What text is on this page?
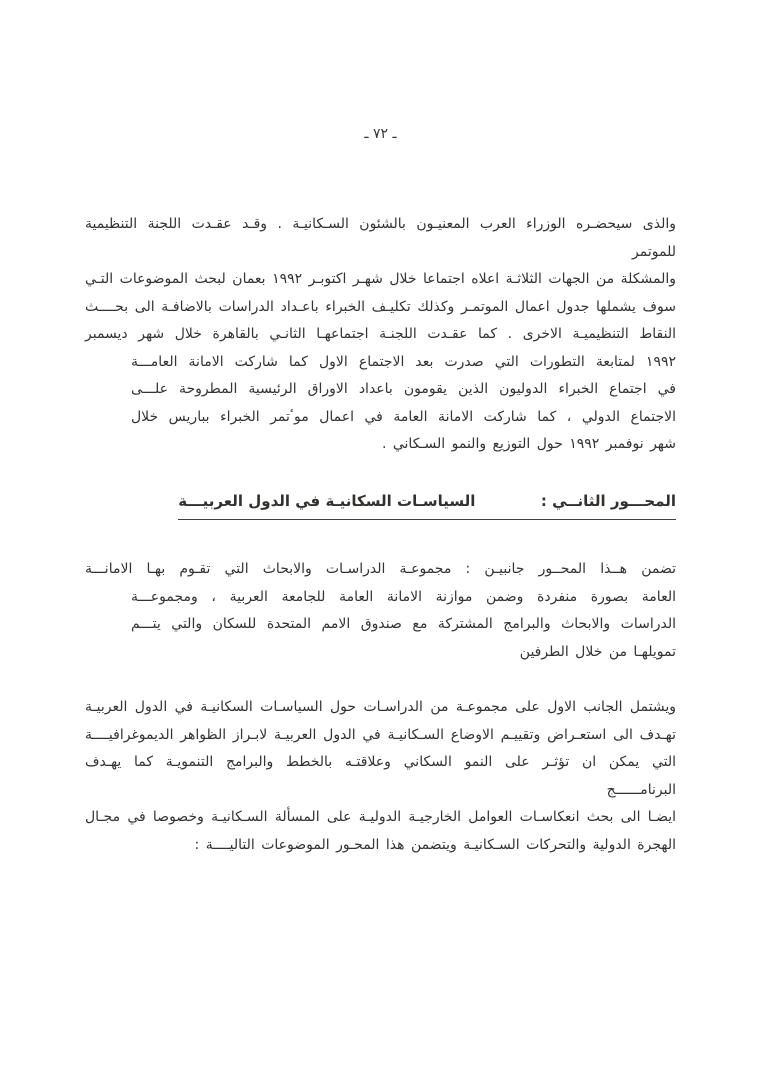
ـ ٧٢ ـ
والذى سيحضـره الوزراء العرب المعنيـون بالشئون السـكانيـة . وقـد عقـدت اللجنة التنظيمية للموتمر
والمشكلة من الجهات الثلاثـة اعلاه اجتماعا خلال شهـر اكتوبـر ١٩٩٢ بعمان لبحث الموضوعات التـي
سوف يشملها جدول اعمال الموتمـر وكذلك تكليـف الخبراء باعـداد الدراسات بالاضافـة الى بحــــث
النقاط التنظيميـة الاخرى . كما عقـدت اللجنـة اجتماعهـا الثانـي بالقاهرة خلال شهر ديسمبر
١٩٩٢ لمتابعة التطورات التي صدرت بعد الاجتماع الاول كما شاركت الامانة العامـــة
في اجتماع الخبراء الدوليون الذين يقومون باعداد الاوراق الرئيسية المطروحة علـــى
الاجتماع الدولي ، كما شاركت الامانة العامة في اعمال موٴتمر الخبراء بباريس خلال
شهر نوفمبر ١٩٩٢ حول التوزيع والنمو السـكاني .
المحـــور الثانــي :  السياسـات السكانيـة في الدول العربيـــة
تضمن هــذا المحــور جانبيـن : مجموعـة الدراسـات والابحاث التي تقـوم بهـا الامانـــة
العامة بصورة منفردة وضمن موازنة الامانة العامة للجامعة العربية ، ومجموعـــة
الدراسات والابحاث والبرامج المشتركة مع صندوق الامم المتحدة للسكان والتي يتـــم
تمويلهـا من خلال الطرفين
ويشتمل الجانب الاول على مجموعـة من الدراسـات حول السياسـات السكانيـة في الدول العربيـة
تهـدف الى استعـراض وتقييـم الاوضاع السـكانيـة في الدول العربيـة لابـراز الظواهر الديموغرافيــــة
التي يمكن ان تؤثـر على النمو السكاني وعلاقتـه بالخطط والبرامج التنمويـة كما يهـدف البرنامــــــج
ايضـا الى بحث انعكاسـات العوامل الخارجيـة الدوليـة على المسألة السـكانيـة وخصوصا في مجـال
الهجرة الدولية والتحركات السـكانيـة ويتضمن هذا المحـور الموضوعات التاليــــة :
